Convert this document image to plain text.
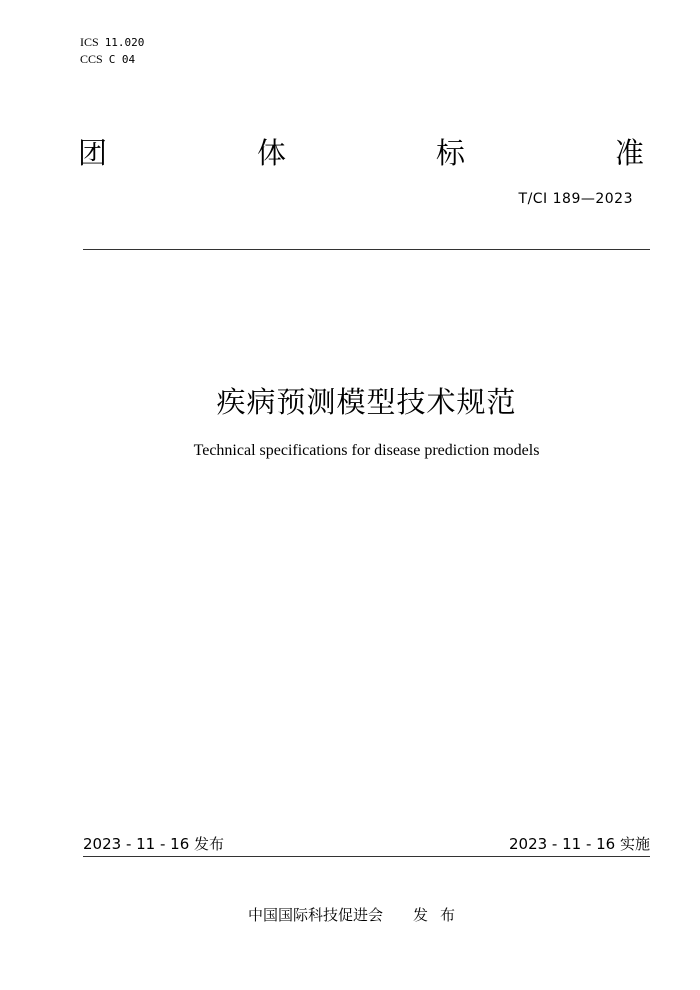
ICS 11.020
CCS C 04
团	体	标	准
T/CI 189—2023
疾病预测模型技术规范
Technical specifications for disease prediction models
2023 - 11 - 16 发布	2023 - 11 - 16 实施
中国国际科技促进会 发布
